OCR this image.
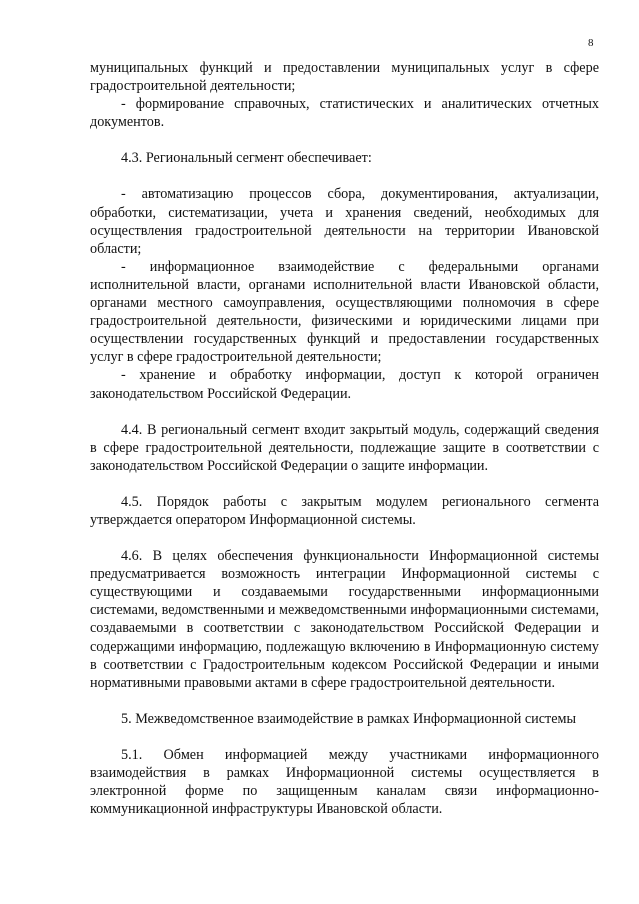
8

муниципальных функций и предоставлении муниципальных услуг в сфере градостроительной деятельности;

- формирование справочных, статистических и аналитических отчетных документов.

4.3. Региональный сегмент обеспечивает:

- автоматизацию процессов сбора, документирования, актуализации, обработки, систематизации, учета и хранения сведений, необходимых для осуществления градостроительной деятельности на территории Ивановской области;

- информационное взаимодействие с федеральными органами исполнительной власти, органами исполнительной власти Ивановской области, органами местного самоуправления, осуществляющими полномочия в сфере градостроительной деятельности, физическими и юридическими лицами при осуществлении государственных функций и предоставлении государственных услуг в сфере градостроительной деятельности;

- хранение и обработку информации, доступ к которой ограничен законодательством Российской Федерации.

4.4. В региональный сегмент входит закрытый модуль, содержащий сведения в сфере градостроительной деятельности, подлежащие защите в соответствии с законодательством Российской Федерации о защите информации.

4.5. Порядок работы с закрытым модулем регионального сегмента утверждается оператором Информационной системы.

4.6. В целях обеспечения функциональности Информационной системы предусматривается возможность интеграции Информационной системы с существующими и создаваемыми государственными информационными системами, ведомственными и межведомственными информационными системами, создаваемыми в соответствии с законодательством Российской Федерации и содержащими информацию, подлежащую включению в Информационную систему в соответствии с Градостроительным кодексом Российской Федерации и иными нормативными правовыми актами в сфере градостроительной деятельности.

5. Межведомственное взаимодействие в рамках Информационной системы

5.1. Обмен информацией между участниками информационного взаимодействия в рамках Информационной системы осуществляется в электронной форме по защищенным каналам связи информационно-коммуникационной инфраструктуры Ивановской области.
